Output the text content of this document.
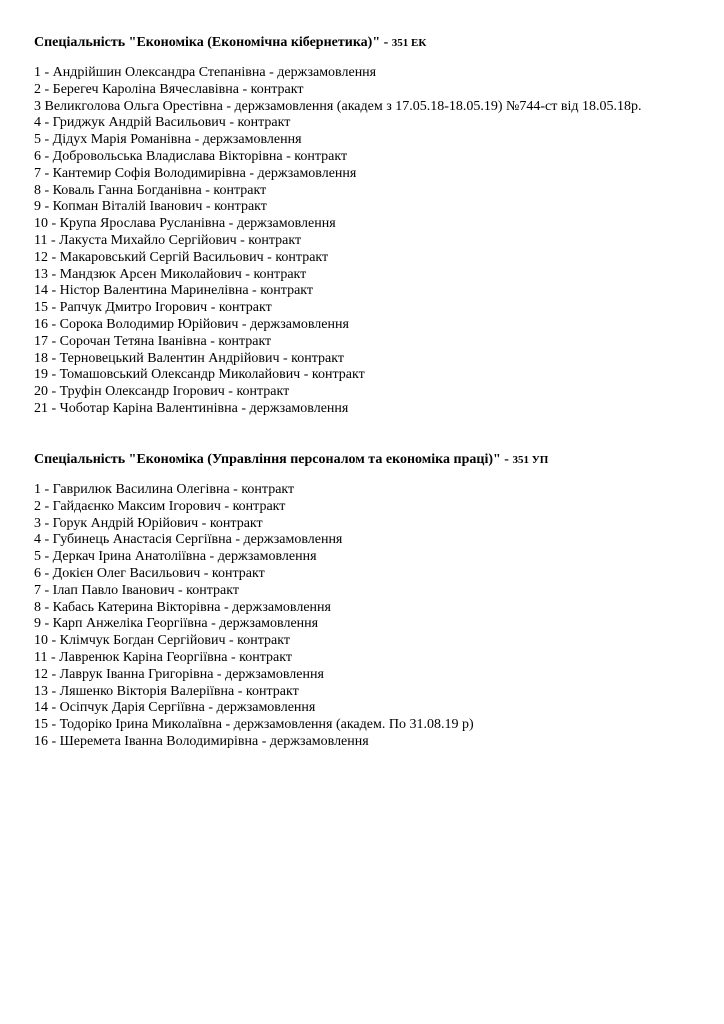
Спеціальність "Економіка (Економічна кібернетика)" - 351 ЕК
1 - Андрійшин Олександра Степанівна - держзамовлення
2 - Берегеч Кароліна Вячеславівна - контракт
3 Великголова Ольга Орестівна - держзамовлення (академ з 17.05.18-18.05.19) №744-ст від 18.05.18р.
4 - Гриджук Андрій Васильович - контракт
5 - Дідух Марія Романівна - держзамовлення
6 - Добровольська Владислава Вікторівна - контракт
7 - Кантемир Софія Володимирівна - держзамовлення
8 - Коваль Ганна Богданівна - контракт
9 - Копман Віталій Іванович - контракт
10 - Крупа Ярослава Русланівна - держзамовлення
11 - Лакуста Михайло Сергійович - контракт
12 - Макаровський Сергій Васильович - контракт
13 - Мандзюк Арсен Миколайович - контракт
14 - Ністор Валентина Маринелівна - контракт
15 - Рапчук Дмитро Ігорович - контракт
16 - Сорока Володимир Юрійович - держзамовлення
17 - Сорочан Тетяна Іванівна - контракт
18 - Терновецький Валентин Андрійович - контракт
19 - Томашовський Олександр Миколайович - контракт
20 - Труфін Олександр Ігорович - контракт
21 - Чоботар Каріна Валентинівна - держзамовлення
Спеціальність "Економіка (Управління персоналом та економіка праці)" - 351 УП
1 - Гаврилюк Василина Олегівна - контракт
2 - Гайдаєнко Максим Ігорович - контракт
3 - Горук Андрій Юрійович - контракт
4 - Губинець Анастасія Сергіївна - держзамовлення
5 - Деркач Ірина Анатоліївна - держзамовлення
6 - Докієн Олег Васильович - контракт
7 - Ілап Павло Іванович - контракт
8 - Кабась Катерина Вікторівна - держзамовлення
9 - Карп Анжеліка Георгіївна - держзамовлення
10 - Клімчук Богдан Сергійович - контракт
11 - Лавренюк Каріна Георгіївна - контракт
12 - Лаврук Іванна Григорівна - держзамовлення
13 - Ляшенко Вікторія Валеріївна - контракт
14 - Осіпчук Дарія Сергіївна - держзамовлення
15 - Тодоріко Ірина Миколаївна - держзамовлення (академ. По 31.08.19 р)
16 - Шеремета Іванна Володимирівна - держзамовлення
